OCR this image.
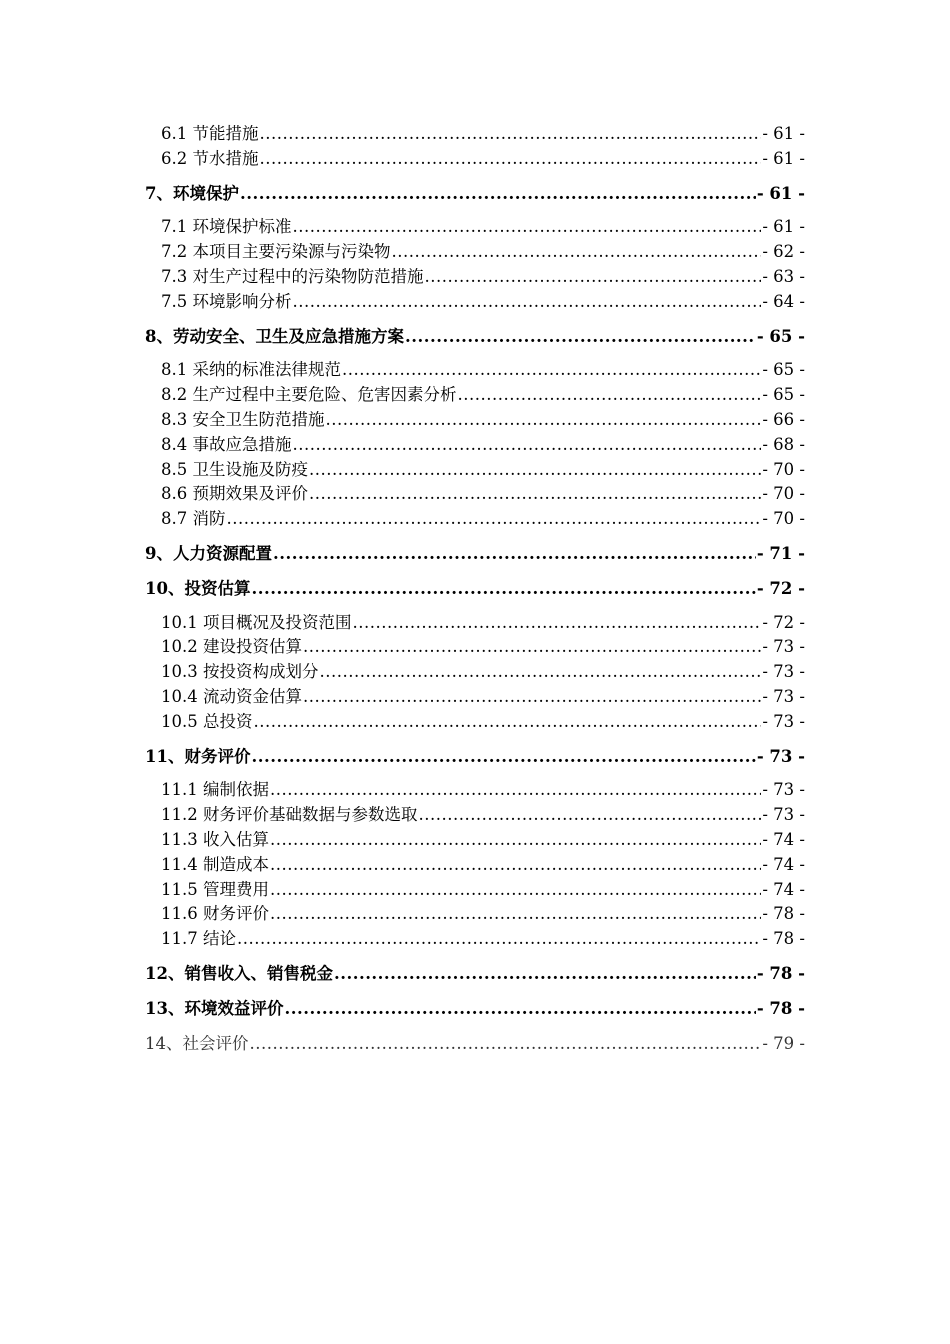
6.1 节能措施 .....	- 61 -
6.2 节水措施 .....	- 61 -
7、环境保护 .....	- 61 -
7.1 环境保护标准 .....	- 61 -
7.2 本项目主要污染源与污染物 .....	- 62 -
7.3 对生产过程中的污染物防范措施 .....	- 63 -
7.5 环境影响分析 .....	- 64 -
8、劳动安全、卫生及应急措施方案 .....	- 65 -
8.1 采纳的标准法律规范 .....	- 65 -
8.2 生产过程中主要危险、危害因素分析 .....	- 65 -
8.3 安全卫生防范措施 .....	- 66 -
8.4 事故应急措施 .....	- 68 -
8.5 卫生设施及防疫 .....	- 70 -
8.6 预期效果及评价 .....	- 70 -
8.7 消防 .....	- 70 -
9、人力资源配置 .....	- 71 -
10、投资估算 .....	- 72 -
10.1 项目概况及投资范围 .....	- 72 -
10.2 建设投资估算 .....	- 73 -
10.3 按投资构成划分 .....	- 73 -
10.4 流动资金估算 .....	- 73 -
10.5 总投资 .....	- 73 -
11、财务评价 .....	- 73 -
11.1 编制依据 .....	- 73 -
11.2 财务评价基础数据与参数选取 .....	- 73 -
11.3 收入估算 .....	- 74 -
11.4 制造成本 .....	- 74 -
11.5 管理费用 .....	- 74 -
11.6 财务评价 .....	- 78 -
11.7 结论 .....	- 78 -
12、销售收入、销售税金 .....	- 78 -
13、环境效益评价 .....	- 78 -
14、社会评价 .....	- 79 -
